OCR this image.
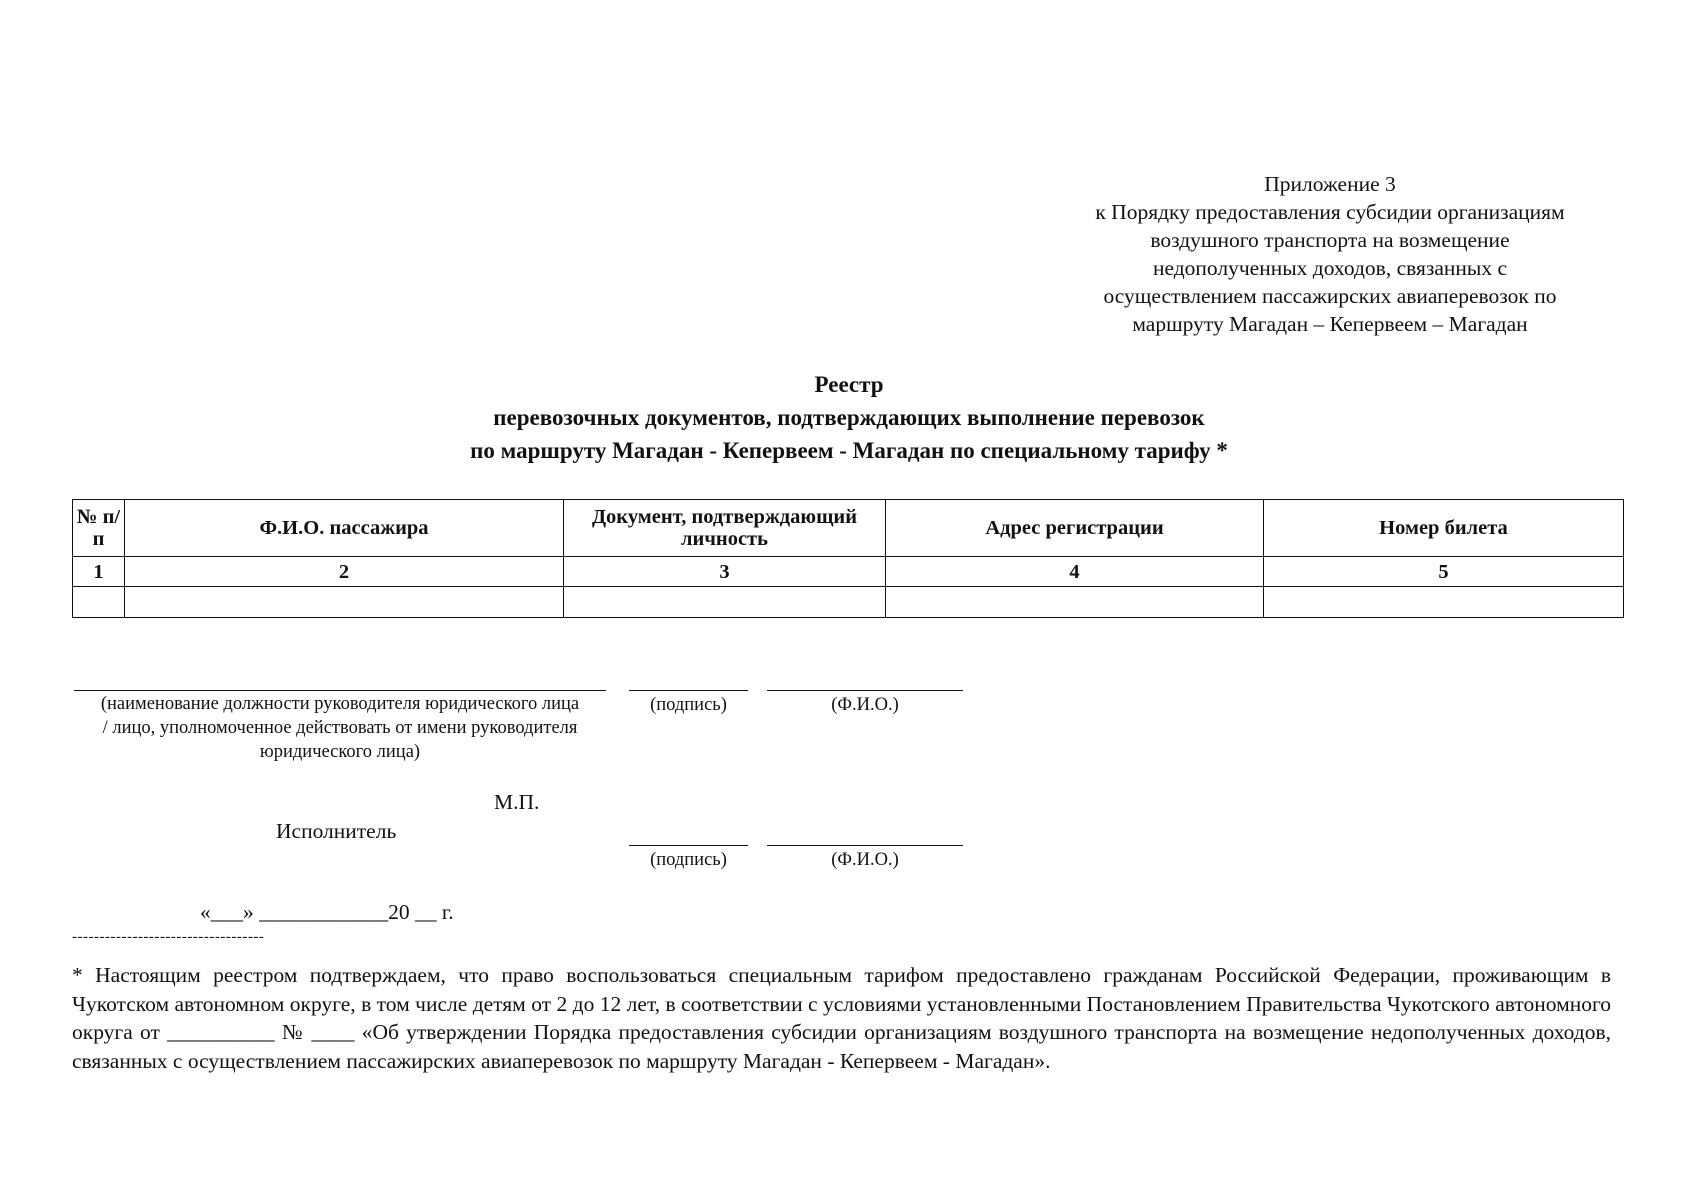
Приложение 3
к Порядку предоставления субсидии организациям
воздушного транспорта на возмещение
недополученных доходов, связанных с
осуществлением пассажирских авиаперевозок по
маршруту Магадан – Кепервеем – Магадан
Реестр
перевозочных документов, подтверждающих выполнение перевозок
по маршруту Магадан - Кепервеем - Магадан по специальному тарифу *
№ п/п	Ф.И.О. пассажира	Документ, подтверждающий личность	Адрес регистрации	Номер билета
1	2	3	4	5

(наименование должности руководителя юридического лица
/ лицо, уполномоченное действовать от имени руководителя
юридического лица)
(подпись)	(Ф.И.О.)
М.П.
Исполнитель
(подпись)	(Ф.И.О.)
«___» ____________20 __ г.
-----------------------------------
* Настоящим реестром подтверждаем, что право воспользоваться специальным тарифом предоставлено гражданам Российской Федерации, проживающим в Чукотском автономном округе, в том числе детям от 2 до 12 лет, в соответствии с условиями установленными Постановлением Правительства Чукотского автономного округа от __________ № ____ «Об утверждении Порядка предоставления субсидии организациям воздушного транспорта на возмещение недополученных доходов, связанных с осуществлением пассажирских авиаперевозок по маршруту Магадан - Кепервеем - Магадан».
